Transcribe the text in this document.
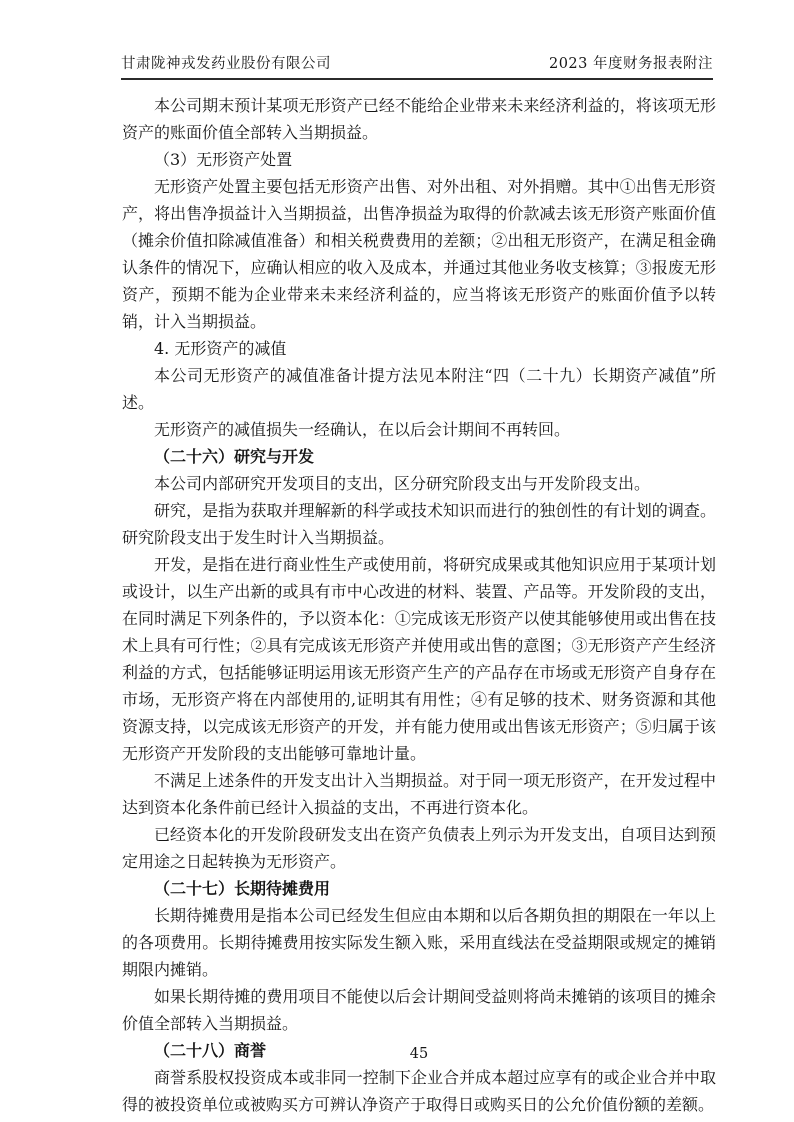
甘肃陇神戎发药业股份有限公司	2023 年度财务报表附注

本公司期末预计某项无形资产已经不能给企业带来未来经济利益的，将该项无形资产的账面价值全部转入当期损益。

（3）无形资产处置

无形资产处置主要包括无形资产出售、对外出租、对外捐赠。其中①出售无形资产，将出售净损益计入当期损益，出售净损益为取得的价款减去该无形资产账面价值（摊余价值扣除减值准备）和相关税费费用的差额；②出租无形资产，在满足租金确认条件的情况下，应确认相应的收入及成本，并通过其他业务收支核算；③报废无形资产，预期不能为企业带来未来经济利益的，应当将该无形资产的账面价值予以转销，计入当期损益。

4. 无形资产的减值

本公司无形资产的减值准备计提方法见本附注“四（二十九）长期资产减值”所述。

无形资产的减值损失一经确认，在以后会计期间不再转回。

（二十六）研究与开发

本公司内部研究开发项目的支出，区分研究阶段支出与开发阶段支出。

研究，是指为获取并理解新的科学或技术知识而进行的独创性的有计划的调查。研究阶段支出于发生时计入当期损益。

开发，是指在进行商业性生产或使用前，将研究成果或其他知识应用于某项计划或设计，以生产出新的或具有市中心改进的材料、装置、产品等。开发阶段的支出，在同时满足下列条件的，予以资本化：①完成该无形资产以使其能够使用或出售在技术上具有可行性；②具有完成该无形资产并使用或出售的意图；③无形资产产生经济利益的方式，包括能够证明运用该无形资产生产的产品存在市场或无形资产自身存在市场，无形资产将在内部使用的,证明其有用性；④有足够的技术、财务资源和其他资源支持，以完成该无形资产的开发，并有能力使用或出售该无形资产；⑤归属于该无形资产开发阶段的支出能够可靠地计量。

不满足上述条件的开发支出计入当期损益。对于同一项无形资产，在开发过程中达到资本化条件前已经计入损益的支出，不再进行资本化。

已经资本化的开发阶段研发支出在资产负债表上列示为开发支出，自项目达到预定用途之日起转换为无形资产。

（二十七）长期待摊费用

长期待摊费用是指本公司已经发生但应由本期和以后各期负担的期限在一年以上的各项费用。长期待摊费用按实际发生额入账，采用直线法在受益期限或规定的摊销期限内摊销。

如果长期待摊的费用项目不能使以后会计期间受益则将尚未摊销的该项目的摊余价值全部转入当期损益。

（二十八）商誉

商誉系股权投资成本或非同一控制下企业合并成本超过应享有的或企业合并中取得的被投资单位或被购买方可辨认净资产于取得日或购买日的公允价值份额的差额。

45
